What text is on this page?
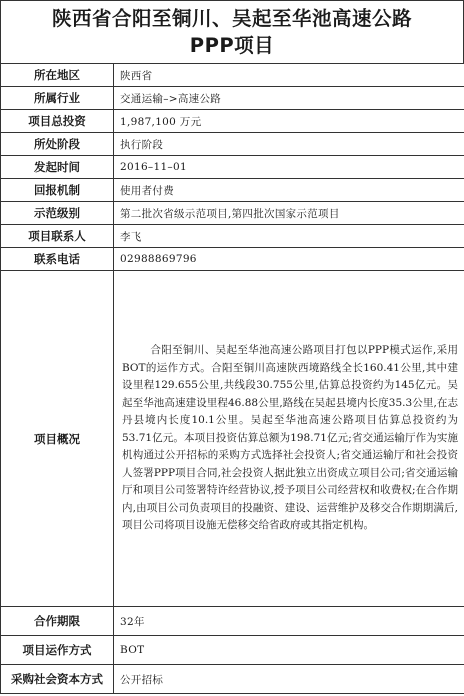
陕西省合阳至铜川、吴起至华池高速公路
PPP项目
所在地区	陕西省
所属行业	交通运输–>高速公路
项目总投资	1,987,100 万元
所处阶段	执行阶段
发起时间	2016–11–01
回报机制	使用者付费
示范级别	第二批次省级示范项目,第四批次国家示范项目
项目联系人	李飞
联系电话	02988869796
项目概况	合阳至铜川、吴起至华池高速公路项目打包以PPP模式运作,采用BOT的运作方式。合阳至铜川高速陕西境路线全长160.41公里,其中建设里程129.655公里,共线段30.755公里,估算总投资约为145亿元。吴起至华池高速建设里程46.88公里,路线在吴起县境内长度35.3公里,在志丹县境内长度10.1公里。吴起至华池高速公路项目估算总投资约为53.71亿元。本项目投资估算总额为198.71亿元;省交通运输厅作为实施机构通过公开招标的采购方式选择社会投资人;省交通运输厅和社会投资人签署PPP项目合同,社会投资人据此独立出资成立项目公司;省交通运输厅和项目公司签署特许经营协议,授予项目公司经营权和收费权;在合作期内,由项目公司负责项目的投融资、建设、运营维护及移交合作期期满后,项目公司将项目设施无偿移交给省政府或其指定机构。
合作期限	32年
项目运作方式	BOT
采购社会资本方式	公开招标
